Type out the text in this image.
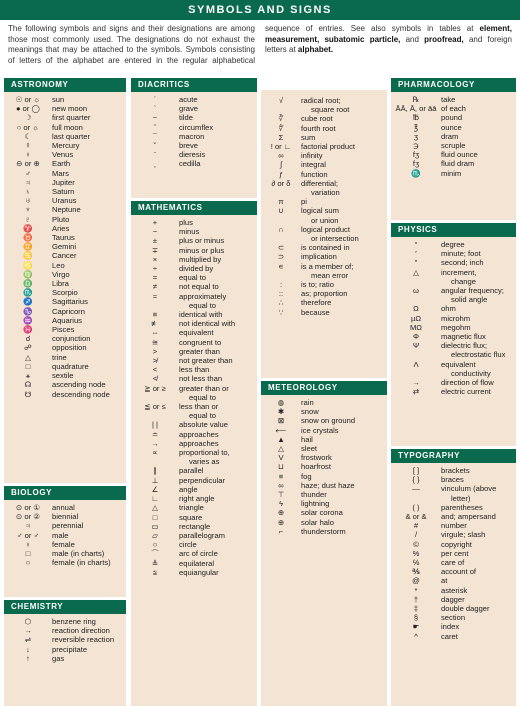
SYMBOLS AND SIGNS
The following symbols and signs and their designations are among those most commonly used. The designations do not exhaust the meanings that may be attached to the symbols. Symbols consisting of letters of the alphabet are entered in the regular alphabetical sequence of entries. See also symbols in tables at element, measurement, subatomic particle, and proofread, and foreign letters at alphabet.
ASTRONOMY
☉ or ☼	sun
● or ◯	new moon
☽	first quarter
○ or ☼	full moon
☾	last quarter
☿	Mercury
♀	Venus
⊖ or ⊕	Earth
♂	Mars
♃	Jupiter
♄	Saturn
♅	Uranus
♆	Neptune
♇	Pluto
♈	Aries
♉	Taurus
♊	Gemini
♋	Cancer
♌	Leo
♍	Virgo
♎	Libra
♏	Scorpio
♐	Sagittarius
♑	Capricorn
♒	Aquarius
♓	Pisces
☌	conjunction
☍	opposition
△	trine
□	quadrature
⚹	sextile
☊	ascending node
☋	descending node
BIOLOGY
⊙ or ①	annual
⊙ or ②	biennial
♃	perennial
♂ or ♂	male
♀	female
□	male (in charts)
○	female (in charts)
CHEMISTRY
⬡	benzene ring
→	reaction direction
⇌	reversible reaction
↓	precipitate
↑	gas
DIACRITICS
´	acute
`	grave
~	tilde
ˆ	circumflex
¯	macron
˘	breve
¨	dieresis
¸	cedilla
MATHEMATICS
+	plus
−	minus
±	plus or minus
∓	minus or plus
×	multiplied by
÷	divided by
=	equal to
≠	not equal to
≈	approximately
equal to
≡	identical with
≢	not identical with
⇔	equivalent
≅	congruent to
>	greater than
≯	not greater than
<	less than
≮	not less than
≧ or ≥	greater than or
equal to
≦ or ≤	less than or
equal to
| |	absolute value
≐	approaches
→	approaches
∝	proportional to,
varies as
∥	parallel
⊥	perpendicular
∠	angle
∟	right angle
△	triangle
□	square
▭	rectangle
▱	parallelogram
○	circle
⌒	arc of circle
≜	equilateral
⩭	equiangular
√	radical root;
square root
∛	cube root
∜	fourth root
Σ	sum
! or ∟	factorial product
∞	infinity
∫	integral
ƒ	function
∂ or δ	differential;
variation
π	pi
∪	logical sum
or union
∩	logical product
or intersection
⊂	is contained in
⊃	implication
∊	is a member of;
mean error
:	is to; ratio
::	as; proportion
∴	therefore
∵	because
METEOROLOGY
◍	rain
✱	snow
⊠	snow on ground
⟵	ice crystals
▲	hail
△	sleet
V	frostwork
⊔	hoarfrost
≡	fog
∞	haze; dust haze
⊤	thunder
ϟ	lightning
⊕	solar corona
⊕	solar halo
⌐	thunderstorm
PHARMACOLOGY
℞	take
ĀĀ, Ā, or āā of each
℔	pound
℥	ounce
ʒ	dram
℈	scruple
fʒ	fluid ounce
fʒ	fluid dram
♏	minim
PHYSICS
°	degree
′	minute; foot
″	second; inch
△	increment,
change
ω	angular frequency;
solid angle
Ω	ohm
µΩ	microhm
MΩ	megohm
Φ	magnetic flux
Ψ	dielectric flux;
electrostatic flux
Λ	equivalent
conductivity
→	direction of flow
⇄	electric current
TYPOGRAPHY
[ ]	brackets
{ }	braces
—	vinculum (above
letter)
( )	parentheses
& or &	and; ampersand
#	number
/	virgule; slash
©	copyright
%	per cent
℅	care of
℁	account of
@	at
*	asterisk
†	dagger
‡	double dagger
§	section
☛	index
^	caret
